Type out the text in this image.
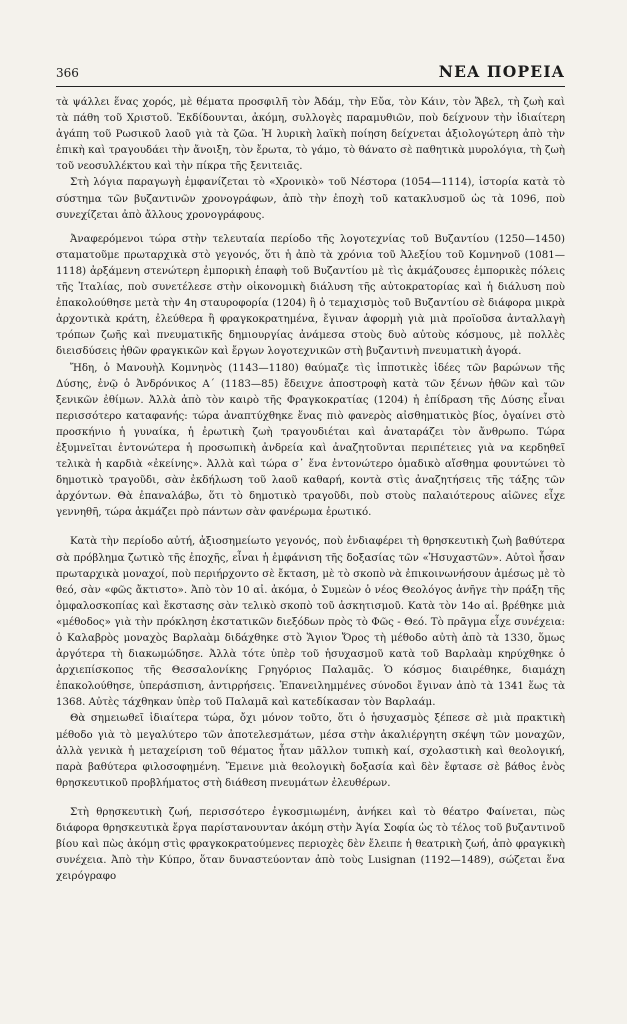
366	ΝΕΑ ΠΟΡΕΙΑ

τὰ ψάλλει ἕνας χορός, μὲ θέματα προσφιλῆ τὸν Ἀδάμ, τὴν Εὔα, τὸν Κάιν, τὸν Ἄβελ, τὴ ζωὴ καὶ τὰ πάθη τοῦ Χριστοῦ. Ἐκδίδουνται, ἀκόμη, συλλογὲς παραμυθιῶν, ποὺ δείχνουν τὴν ἰδιαίτερη ἀγάπη τοῦ Ρωσικοῦ λαοῦ γιὰ τὰ ζῶα. Ἡ λυρικὴ λαϊκὴ ποίηση δείχνεται ἀξιολογώτερη ἀπὸ τὴν ἐπικὴ καὶ τραγουδάει τὴν ἄνοιξη, τὸν ἔρωτα, τὸ γάμο, τὸ θάνατο σὲ παθητικὰ μυρολόγια, τὴ ζωὴ τοῦ νεοσυλλέκτου καὶ τὴν πίκρα τῆς ξενιτειᾶς.

Στὴ λόγια παραγωγὴ ἐμφανίζεται τὸ «Χρονικὸ» τοῦ Νέστορα (1054—1114), ἱστορία κατὰ τὸ σύστημα τῶν βυζαντινῶν χρονογράφων, ἀπὸ τὴν ἐποχὴ τοῦ κατακλυσμοῦ ὡς τὰ 1096, ποὺ συνεχίζεται ἀπὸ ἄλλους χρονογράφους.

Ἀναφερόμενοι τώρα στὴν τελευταία περίοδο τῆς λογοτεχνίας τοῦ Βυζαντίου (1250—1450) σταματοῦμε πρωταρχικὰ στὸ γεγονός, ὅτι ἡ ἀπὸ τὰ χρόνια τοῦ Ἀλεξίου τοῦ Κομνηνοῦ (1081—1118) ἀρξάμενη στενώτερη ἐμπορικὴ ἐπαφὴ τοῦ Βυζαντίου μὲ τὶς ἀκμάζουσες ἐμπορικὲς πόλεις τῆς Ἰταλίας, ποὺ συνετέλεσε στὴν οἰκονομικὴ διάλυση τῆς αὐτοκρατορίας καὶ ἡ διάλυση ποὺ ἐπακολούθησε μετὰ τὴν 4η σταυροφορία (1204) ἢ ὁ τεμαχισμὸς τοῦ Βυζαντίου σὲ διάφορα μικρὰ ἀρχοντικὰ κράτη, ἐλεύθερα ἢ φραγκοκρατημένα, ἔγιναν ἀφορμὴ γιὰ μιὰ προϊοῦσα ἀνταλλαγὴ τρόπων ζωῆς καὶ πνευματικῆς δημιουργίας ἀνάμεσα στοὺς δυὸ αὐτοὺς κόσμους, μὲ πολλὲς διεισδύσεις ἠθῶν φραγκικῶν καὶ ἔργων λογοτεχνικῶν στὴ βυζαντινὴ πνευματικὴ ἀγορά.

Ἤδη, ὁ Μανουὴλ Κομνηνὸς (1143—1180) θαύμαζε τὶς ἱπποτικὲς ἰδέες τῶν βαρώνων τῆς Δύσης, ἐνῷ ὁ Ἀνδρόνικος Α΄ (1183—85) ἔδειχνε ἀποστροφὴ κατὰ τῶν ξένων ἠθῶν καὶ τῶν ξενικῶν ἐθίμων. Ἀλλὰ ἀπὸ τὸν καιρὸ τῆς Φραγκοκρατίας (1204) ἡ ἐπίδραση τῆς Δύσης εἶναι περισσότερο καταφανής: τώρα ἀναπτύχθηκε ἕνας πιὸ φανερὸς αἰσθηματικὸς βίος, ὀγαίνει στὸ προσκήνιο ἡ γυναίκα, ἡ ἐρωτικὴ ζωὴ τραγουδιέται καὶ ἀναταράζει τὸν ἄνθρωπο. Τώρα ἐξυμνεῖται ἐντονώτερα ἡ προσωπικὴ ἀνδρεία καὶ ἀναζητοῦνται περιπέτειες γιὰ να κερδηθεῖ τελικὰ ἡ καρδιὰ «ἐκείνης». Ἀλλὰ καὶ τώρα σ᾿ ἕνα ἐντονώτερο ὁμαδικὸ αἴσθημα φουντώνει τὸ δημοτικὸ τραγοῦδι, σὰν ἐκδήλωση τοῦ λαοῦ καθαρή, κοντὰ στὶς ἀναζητήσεις τῆς τάξης τῶν ἀρχόντων. Θὰ ἐπαναλάβω, ὅτι τὸ δημοτικὸ τραγοῦδι, ποὺ στοὺς παλαιότερους αἰῶνες εἶχε γεννηθῆ, τώρα ἀκμάζει πρὸ πάντων σὰν φανέρωμα ἐρωτικό.

Κατὰ τὴν περίοδο αὐτή, ἀξιοσημείωτο γεγονός, ποὺ ἐνδιαφέρει τὴ θρησκευτικὴ ζωὴ βαθύτερα σὰ πρόβλημα ζωτικὸ τῆς ἐποχῆς, εἶναι ἡ ἐμφάνιση τῆς δοξασίας τῶν «Ἡσυχαστῶν». Αὐτοὶ ἦσαν πρωταρχικὰ μοναχοί, ποὺ περιήρχοντο σὲ ἔκταση, μὲ τὸ σκοπὸ νὰ ἐπικοινωνήσουν ἀμέσως μὲ τὸ θεό, σὰν «φῶς ἄκτιστο». Ἀπὸ τὸν 10 αἰ. ἀκόμα, ὁ Συμεὼν ὁ νέος Θεολόγος ἀνῆγε τὴν πράξη τῆς ὀμφαλοσκοπίας καὶ ἔκστασης σὰν τελικὸ σκοπὸ τοῦ ἀσκητισμοῦ. Κατὰ τὸν 14ο αἰ. βρέθηκε μιὰ «μέθοδος» γιὰ τὴν πρόκληση ἐκστατικῶν διεξόδων πρὸς τὸ Φῶς - Θεό. Τὸ πρᾶγμα εἶχε συνέχεια: ὁ Καλαβρὸς μοναχὸς Βαρλαὰμ διδάχθηκε στὸ Ἅγιον Ὄρος τὴ μέθοδο αὐτὴ ἀπὸ τὰ 1330, ὅμως ἀργότερα τὴ διακωμώδησε. Ἀλλὰ τότε ὑπὲρ τοῦ ἡσυχασμοῦ κατὰ τοῦ Βαρλαὰμ κηρύχθηκε ὁ ἀρχιεπίσκοπος τῆς Θεσσαλονίκης Γρηγόριος Παλαμᾶς. Ὁ κόσμος διαιρέθηκε, διαμάχη ἐπακολούθησε, ὑπεράσπιση, ἀντιρρήσεις. Ἐπανειλημμένες σύνοδοι ἔγιναν ἀπὸ τὰ 1341 ἕως τὰ 1368. Αὐτὲς τάχθηκαν ὑπὲρ τοῦ Παλαμᾶ καὶ κατεδίκασαν τὸν Βαρλαάμ.

Θὰ σημειωθεῖ ἰδιαίτερα τώρα, ὄχι μόνον τοῦτο, ὅτι ὁ ἡσυχασμὸς ξέπεσε σὲ μιὰ πρακτικὴ μέθοδο γιὰ τὸ μεγαλύτερο τῶν ἀποτελεσμάτων, μέσα στὴν ἀκαλιέργητη σκέψη τῶν μοναχῶν, ἀλλὰ γενικὰ ἡ μεταχείριση τοῦ θέματος ἦταν μᾶλλον τυπικὴ καί, σχολαστικὴ καὶ θεολογική, παρὰ βαθύτερα φιλοσοφημένη. Ἔμεινε μιὰ θεολογικὴ δοξασία καὶ δὲν ἔφτασε σὲ βάθος ἑνὸς θρησκευτικοῦ προβλήματος στὴ διάθεση πνευμάτων ἐλευθέρων.

Στὴ θρησκευτικὴ ζωή, περισσότερο ἐγκοσμιωμένη, ἀνήκει καὶ τὸ θέατρο Φαίνεται, πὼς διάφορα θρησκευτικὰ ἔργα παρίστανουνταν ἀκόμη στὴν Ἁγία Σοφία ὡς τὸ τέλος τοῦ βυζαντινοῦ βίου καὶ πὼς ἀκόμη στὶς φραγκοκρατούμενες περιοχὲς δὲν ἔλειπε ἡ θεατρικὴ ζωή, ἀπὸ φραγκικὴ συνέχεια. Ἀπὸ τὴν Κύπρο, ὅταν δυναστεύονταν ἀπὸ τοὺς Lusignan (1192—1489), σώζεται ἕνα χειρόγραφο
